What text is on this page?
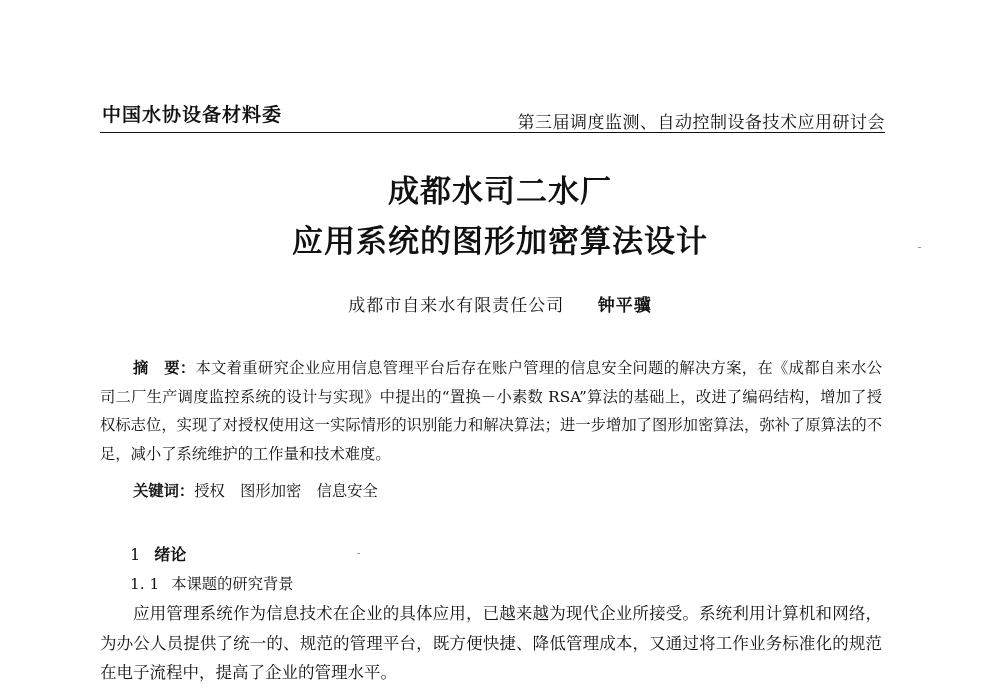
中国水协设备材料委	第三届调度监测、自动控制设备技术应用研讨会
成都水司二水厂
应用系统的图形加密算法设计
成都市自来水有限责任公司 钟平骥
摘　要：本文着重研究企业应用信息管理平台后存在账户管理的信息安全问题的解决方案，在《成都自来水公司二厂生产调度监控系统的设计与实现》中提出的“置换－小素数 RSA”算法的基础上，改进了编码结构，增加了授权标志位，实现了对授权使用这一实际情形的识别能力和解决算法；进一步增加了图形加密算法，弥补了原算法的不足，减小了系统维护的工作量和技术难度。
关键词：授权　图形加密　信息安全
1 绪论
1. 1 本课题的研究背景
应用管理系统作为信息技术在企业的具体应用，已越来越为现代企业所接受。系统利用计算机和网络，为办公人员提供了统一的、规范的管理平台，既方便快捷、降低管理成本，又通过将工作业务标准化的规范在电子流程中，提高了企业的管理水平。
